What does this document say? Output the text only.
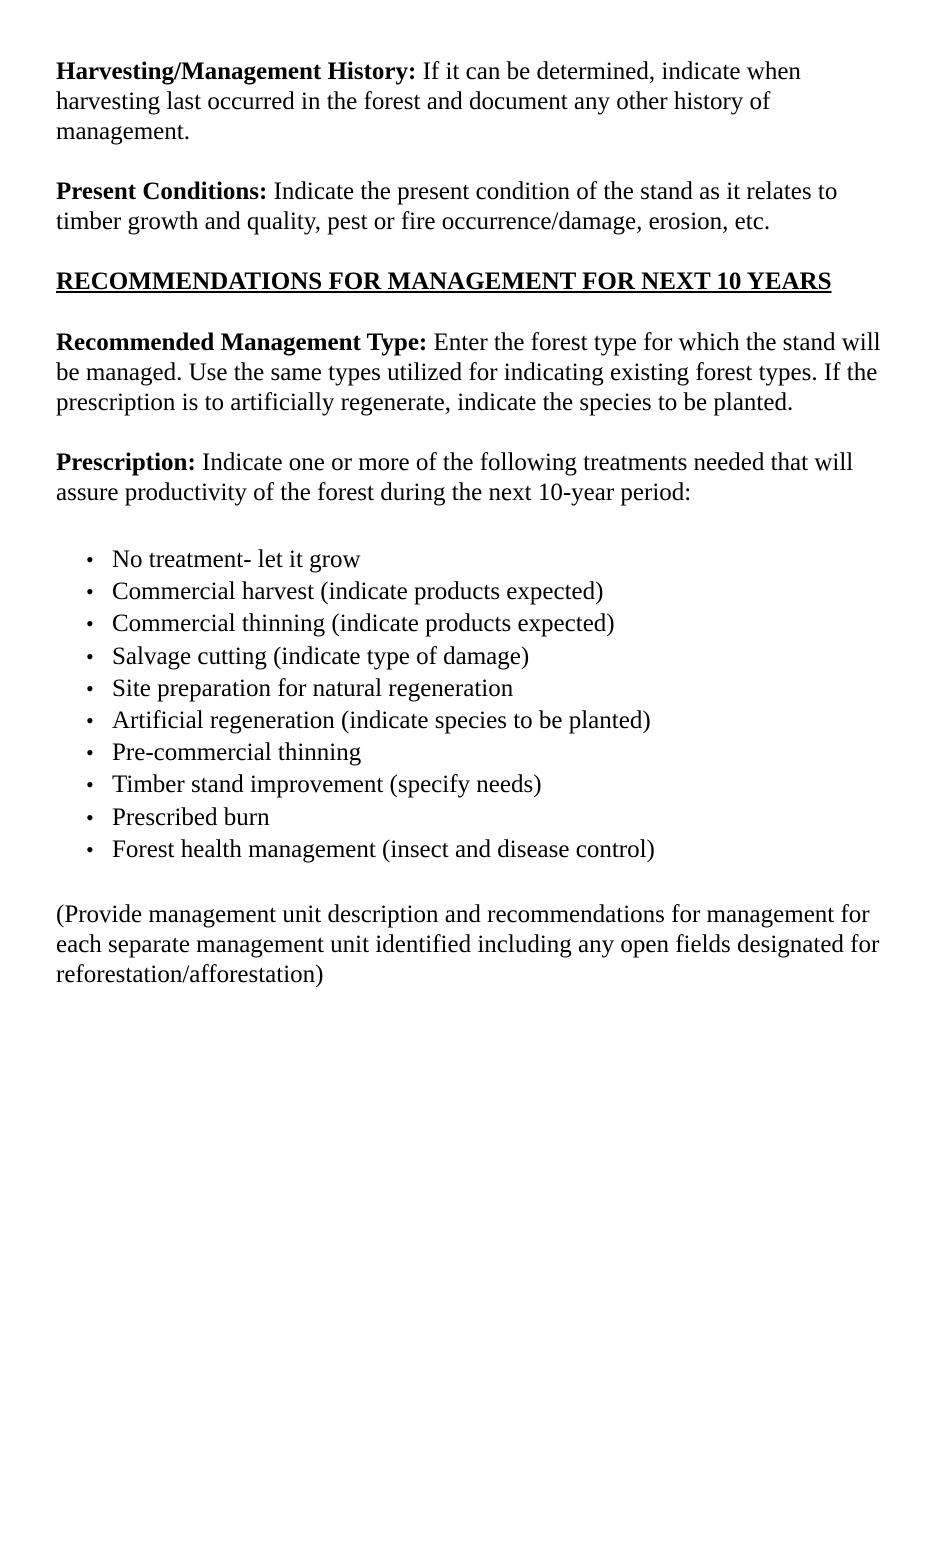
Harvesting/Management History: If it can be determined, indicate when harvesting last occurred in the forest and document any other history of management.

Present Conditions: Indicate the present condition of the stand as it relates to timber growth and quality, pest or fire occurrence/damage, erosion, etc.

RECOMMENDATIONS FOR MANAGEMENT FOR NEXT 10 YEARS

Recommended Management Type: Enter the forest type for which the stand will be managed. Use the same types utilized for indicating existing forest types. If the prescription is to artificially regenerate, indicate the species to be planted.

Prescription: Indicate one or more of the following treatments needed that will assure productivity of the forest during the next 10-year period:

• No treatment- let it grow
• Commercial harvest (indicate products expected)
• Commercial thinning (indicate products expected)
• Salvage cutting (indicate type of damage)
• Site preparation for natural regeneration
• Artificial regeneration (indicate species to be planted)
• Pre-commercial thinning
• Timber stand improvement (specify needs)
• Prescribed burn
• Forest health management (insect and disease control)

(Provide management unit description and recommendations for management for each separate management unit identified including any open fields designated for reforestation/afforestation)
